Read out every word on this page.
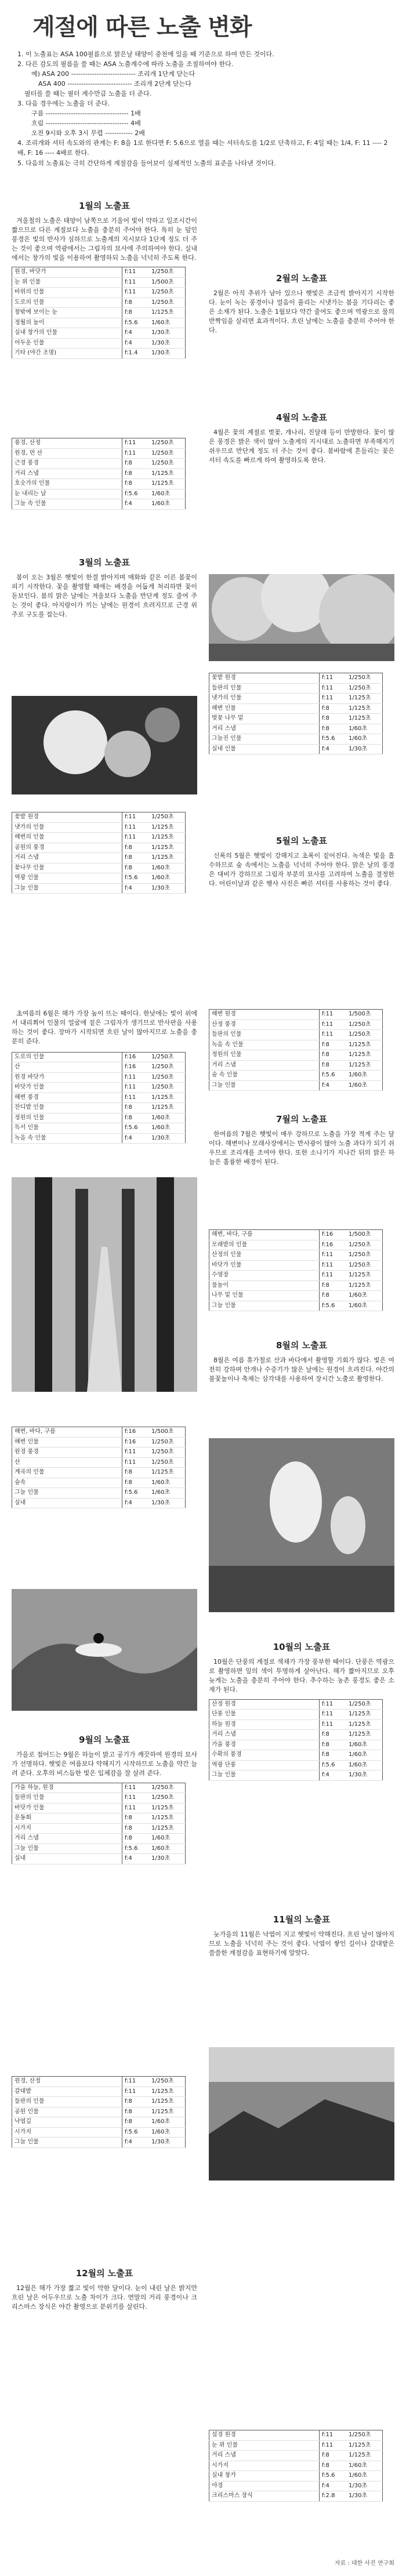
계절에 따른 노출 변화

1. 이 노출표는 ASA 100필름으로 맑은날 태양이 중천에 있을 때 기준으로 하여 만든 것이다.

2. 다른 감도의 필름을 쓸 때는 ASA 노출계수에 따라 노출을 조절하여야 한다.

예) ASA 200 ---------------------------- 조리개 1단계 닫는다

ASA 400 ---------------------------- 조리개 2단계 닫는다

필터를 쓸 때는 필터 계수만큼 노출을 더 준다.

3. 다음 경우에는 노출을 더 준다.

구름 ------------------------------------ 1배

흐림 ------------------------------------ 4배

오전 9시와 오후 3시 무렵 ------------ 2배

4. 조리개와 셔터 속도와의 관계는 F: 8을 1로 한다면 F: 5.6으로 열을 때는 셔터속도를 1/2로 단축하고, F: 4일 때는 1/4, F: 11 ---- 2배, F: 16 ---- 4배로 한다.

5. 다음의 노출표는 극히 간단하게 계절감을 들어보이 실제적인 노출의 표준을 나타낸 것이다.

1월의 노출표

겨울철의 노출은 태양이 남쪽으로 기울어 빛이 약하고 일조시간이 짧으므로 다른 계절보다 노출을 충분히 주어야 한다. 특히 눈 덮인 풍경은 빛의 반사가 심하므로 노출계의 지시보다 1단계 정도 더 주는 것이 좋으며 역광에서는 그림자의 묘사에 주의하여야 한다. 실내에서는 창가의 빛을 이용하여 촬영하되 노출을 넉넉히 주도록 한다.

원경, 바닷가	f:11	1/250초
눈 위 인물	f:11	1/500초
바위의 인물	f:11	1/250초
도로의 인물	f:8	1/250초
창밖에 보이는 눈	f:8	1/125초
정월의 놀이	f:5.6	1/60초
실내 창가의 인물	f:4	1/30초
어두운 인물	f:4	1/30초
기타 (야간 조명)	f:1.4	1/30초
2월의 노출표

2월은 아직 추위가 남아 있으나 햇빛은 조금씩 밝아지기 시작한다. 눈이 녹는 풍경이나 얼음이 풀리는 시냇가는 봄을 기다리는 좋은 소재가 된다. 노출은 1월보다 약간 줄여도 좋으며 역광으로 물의 반짝임을 살리면 효과적이다. 흐린 날에는 노출을 충분히 주어야 한다.

풍경, 산정	f:11	1/250초
원경, 먼 산	f:11	1/250초
근경 풍경	f:8	1/250초
거리 스냅	f:8	1/125초
호숫가의 인물	f:8	1/125초
눈 내리는 날	f:5.6	1/60초
그늘 속 인물	f:4	1/60초
4월의 노출표

4월은 꽃의 계절로 벚꽃, 개나리, 진달래 등이 만발한다. 꽃이 많은 풍경은 밝은 색이 많아 노출계의 지시대로 노출하면 부족해지기 쉬우므로 반단계 정도 더 주는 것이 좋다. 봄바람에 흔들리는 꽃은 셔터 속도를 빠르게 하여 촬영하도록 한다.

3월의 노출표

봄이 오는 3월은 햇빛이 한결 밝아지며 매화와 같은 이른 봄꽃이 피기 시작한다. 꽃을 촬영할 때에는 배경을 어둡게 처리하면 꽃이 돋보인다. 봄의 맑은 날에는 겨울보다 노출을 반단계 정도 줄여 주는 것이 좋다. 아지랑이가 끼는 날에는 원경이 흐려지므로 근경 위주로 구도를 잡는다.

꽃밭 원경	f:11	1/250초
들판의 인물	f:11	1/250초
냇가의 인물	f:11	1/125초
해변 인물	f:8	1/125초
벚꽃 나무 밑	f:8	1/125초
거리 스냅	f:8	1/60초
그늘진 인물	f:5.6	1/60초
실내 인물	f:4	1/30초
꽃밭 원경	f:11	1/250초
냇가의 인물	f:11	1/125초
해변의 인물	f:11	1/125초
공원의 풍경	f:8	1/125초
거리 스냅	f:8	1/125초
꽃나무 인물	f:8	1/60초
역광 인물	f:5.6	1/60초
그늘 인물	f:4	1/30초
5월의 노출표

신록의 5월은 햇빛이 강해지고 초록이 짙어진다. 녹색은 빛을 흡수하므로 숲 속에서는 노출을 넉넉히 주어야 한다. 맑은 날의 풍경은 대비가 강하므로 그림자 부분의 묘사를 고려하여 노출을 결정한다. 어린이날과 같은 행사 사진은 빠른 셔터를 사용하는 것이 좋다.

초여름의 6월은 해가 가장 높이 뜨는 때이다. 한낮에는 빛이 위에서 내리쬐어 인물의 얼굴에 짙은 그림자가 생기므로 반사판을 사용하는 것이 좋다. 장마가 시작되면 흐린 날이 많아지므로 노출을 충분히 준다.

도로의 인물	f:16	1/250초
산	f:16	1/250초
원경 바닷가	f:11	1/250초
바닷가 인물	f:11	1/250초
해변 풍경	f:11	1/125초
잔디밭 인물	f:8	1/125초
정원의 인물	f:8	1/60초
독서 인물	f:5.6	1/60초
녹음 속 인물	f:4	1/30초
해변 원경	f:11	1/500초
산정 풍경	f:11	1/250초
들판의 인물	f:11	1/250초
녹음 속 인물	f:8	1/125초
정원의 인물	f:8	1/125초
거리 스냅	f:8	1/125초
숲 속 인물	f:5.6	1/60초
그늘 인물	f:4	1/60초
7월의 노출표

한여름의 7월은 햇빛이 매우 강하므로 노출을 가장 적게 주는 달이다. 해변이나 모래사장에서는 반사광이 많아 노출 과다가 되기 쉬우므로 조리개를 조여야 한다. 또한 소나기가 지나간 뒤의 맑은 하늘은 훌륭한 배경이 된다.

해변, 바다, 구름	f:16	1/500초
모래밭의 인물	f:16	1/250초
산정의 인물	f:11	1/250초
바닷가 인물	f:11	1/250초
수영장	f:11	1/125초
물놀이	f:8	1/125초
나무 밑 인물	f:8	1/60초
그늘 인물	f:5.6	1/60초
8월의 노출표

8월은 여름 휴가철로 산과 바다에서 촬영할 기회가 많다. 빛은 여전히 강하며 안개나 수증기가 많은 날에는 원경이 흐려진다. 야간의 불꽃놀이나 축제는 삼각대를 사용하여 장시간 노출로 촬영한다.

해변, 바다, 구름	f:16	1/500초
해변 인물	f:16	1/250초
원경 풍경	f:11	1/250초
산	f:11	1/250초
계곡의 인물	f:8	1/125초
숲속	f:8	1/60초
그늘 인물	f:5.6	1/60초
실내	f:4	1/30초
10월의 노출표

10월은 단풍의 계절로 색채가 가장 풍부한 때이다. 단풍은 역광으로 촬영하면 잎의 색이 투명하게 살아난다. 해가 짧아지므로 오후 늦게는 노출을 충분히 주어야 한다. 추수하는 농촌 풍경도 좋은 소재가 된다.

산정 원경	f:11	1/250초
단풍 인물	f:11	1/125초
하늘 원경	f:11	1/125초
거리 스냅	f:8	1/125초
가을 풍경	f:8	1/60초
수확의 풍경	f:8	1/60초
역광 단풍	f:5.6	1/60초
그늘 인물	f:4	1/30초
9월의 노출표

가을로 접어드는 9월은 하늘이 맑고 공기가 깨끗하여 원경의 묘사가 선명하다. 햇빛은 여름보다 약해지기 시작하므로 노출을 약간 늘려 준다. 오후의 비스듬한 빛은 입체감을 잘 살려 준다.

가을 하늘, 원경	f:11	1/250초
들판의 인물	f:11	1/250초
바닷가 인물	f:11	1/125초
운동회	f:8	1/125초
시가지	f:8	1/125초
거리 스냅	f:8	1/60초
그늘 인물	f:5.6	1/60초
실내	f:4	1/30초
11월의 노출표

늦가을의 11월은 낙엽이 지고 햇빛이 약해진다. 흐린 날이 많아지므로 노출을 넉넉히 주는 것이 좋다. 낙엽이 쌓인 길이나 갈대밭은 쓸쓸한 계절감을 표현하기에 알맞다.

원경, 산정	f:11	1/250초
갈대밭	f:11	1/125초
들판의 인물	f:8	1/125초
공원 인물	f:8	1/125초
낙엽길	f:8	1/60초
시가지	f:5.6	1/60초
그늘 인물	f:4	1/30초
12월의 노출표

12월은 해가 가장 짧고 빛이 약한 달이다. 눈이 내린 날은 밝지만 흐린 날은 어두우므로 노출 차이가 크다. 연말의 거리 풍경이나 크리스마스 장식은 야간 촬영으로 분위기를 살린다.

설경 원경	f:11	1/250초
눈 위 인물	f:11	1/125초
거리 스냅	f:8	1/125초
시가지	f:8	1/60초
실내 창가	f:5.6	1/60초
야경	f:4	1/30초
크리스마스 장식	f:2.8	1/30초
자료 : 대한 사진 연구회
